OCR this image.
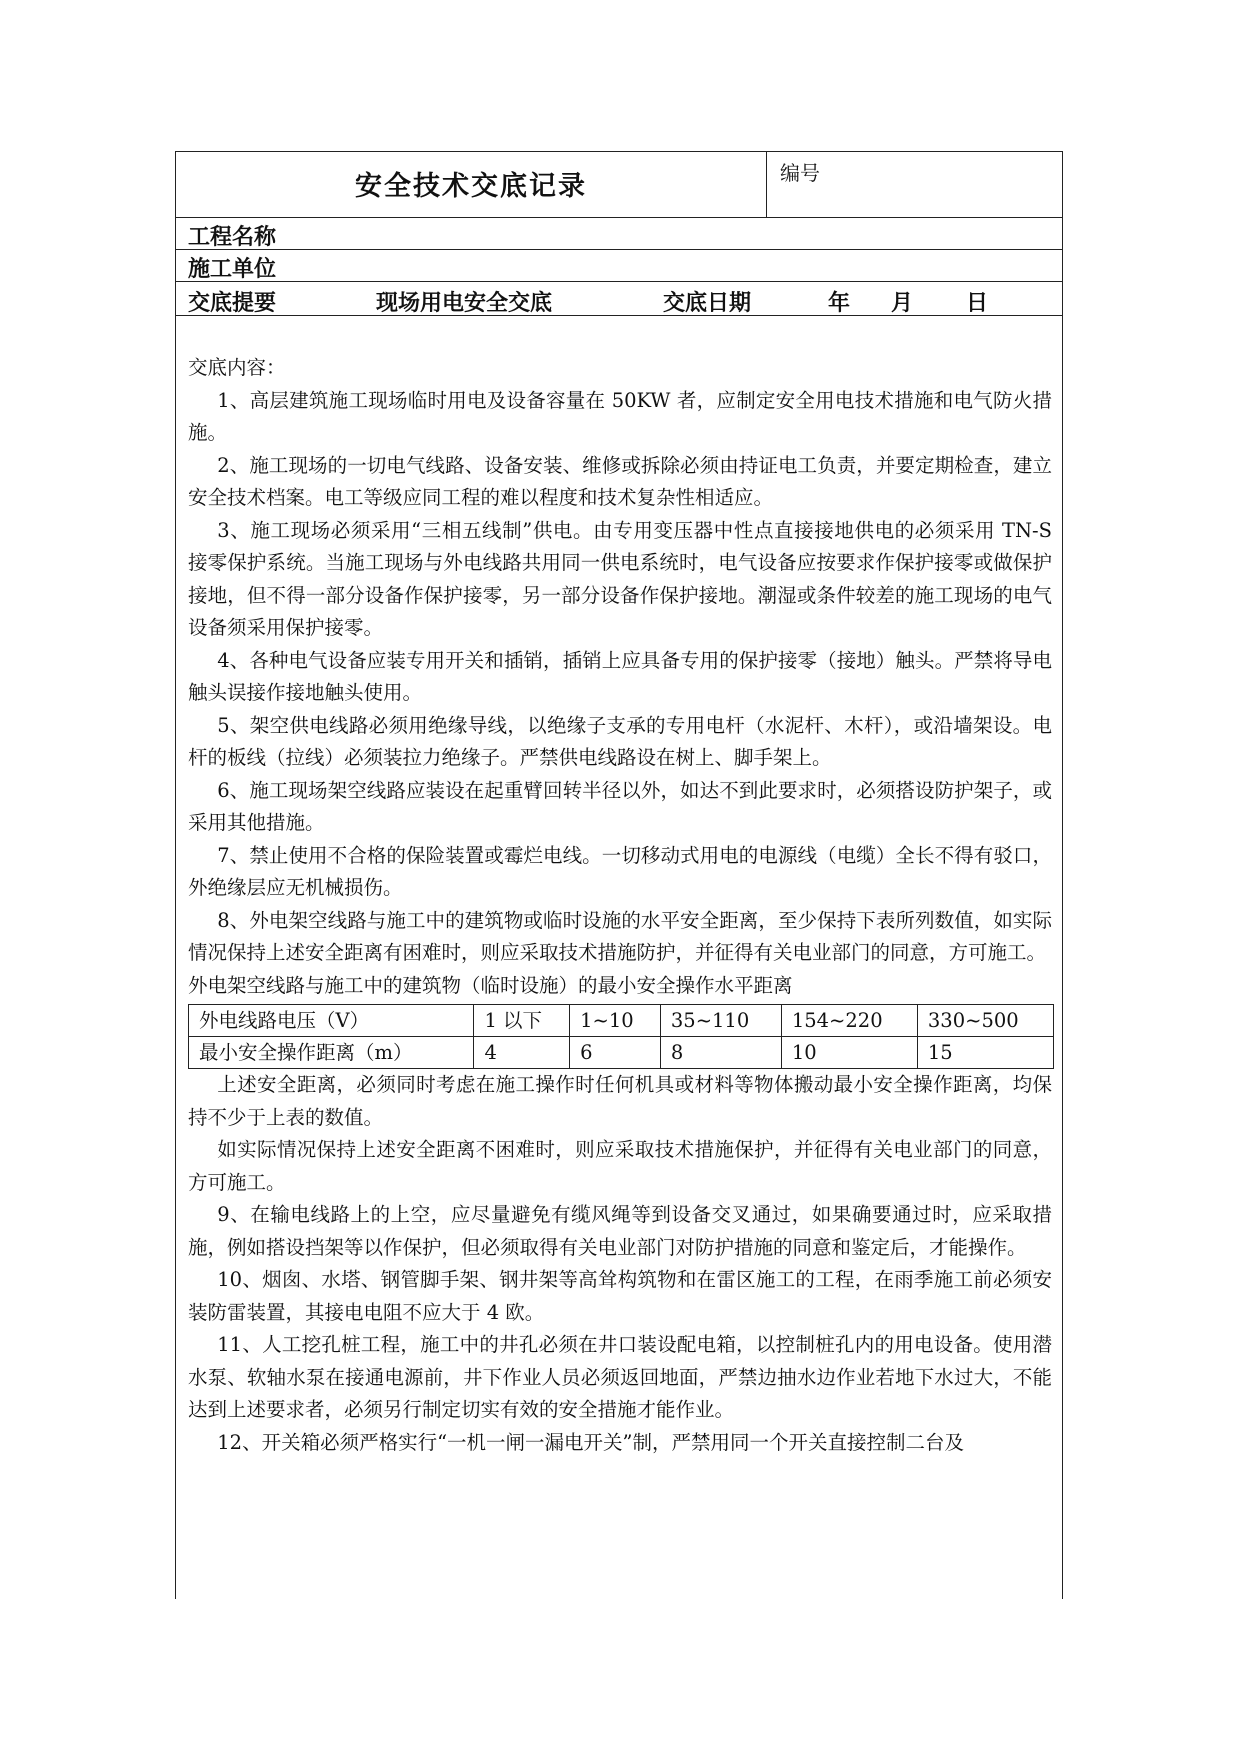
安全技术交底记录	编号
工程名称
施工单位
交底提要	现场用电安全交底	交底日期	年 月 日

交底内容：

1、高层建筑施工现场临时用电及设备容量在 50KW 者，应制定安全用电技术措施和电气防火措施。

2、施工现场的一切电气线路、设备安装、维修或拆除必须由持证电工负责，并要定期检查，建立安全技术档案。电工等级应同工程的难以程度和技术复杂性相适应。

3、施工现场必须采用“三相五线制”供电。由专用变压器中性点直接接地供电的必须采用 TN-S 接零保护系统。当施工现场与外电线路共用同一供电系统时，电气设备应按要求作保护接零或做保护接地，但不得一部分设备作保护接零，另一部分设备作保护接地。潮湿或条件较差的施工现场的电气设备须采用保护接零。

4、各种电气设备应装专用开关和插销，插销上应具备专用的保护接零（接地）触头。严禁将导电触头误接作接地触头使用。

5、架空供电线路必须用绝缘导线，以绝缘子支承的专用电杆（水泥杆、木杆），或沿墙架设。电杆的板线（拉线）必须装拉力绝缘子。严禁供电线路设在树上、脚手架上。

6、施工现场架空线路应装设在起重臂回转半径以外，如达不到此要求时，必须搭设防护架子，或采用其他措施。

7、禁止使用不合格的保险装置或霉烂电线。一切移动式用电的电源线（电缆）全长不得有驳口，外绝缘层应无机械损伤。

8、外电架空线路与施工中的建筑物或临时设施的水平安全距离，至少保持下表所列数值，如实际情况保持上述安全距离有困难时，则应采取技术措施防护，并征得有关电业部门的同意，方可施工。

外电架空线路与施工中的建筑物（临时设施）的最小安全操作水平距离

外电线路电压（V）	1 以下	1~10	35~110	154~220	330~500
最小安全操作距离（m）	4	6	8	10	15

上述安全距离，必须同时考虑在施工操作时任何机具或材料等物体搬动最小安全操作距离，均保持不少于上表的数值。

如实际情况保持上述安全距离不困难时，则应采取技术措施保护，并征得有关电业部门的同意，方可施工。

9、在输电线路上的上空，应尽量避免有缆风绳等到设备交叉通过，如果确要通过时，应采取措施，例如搭设挡架等以作保护，但必须取得有关电业部门对防护措施的同意和鉴定后，才能操作。

10、烟囱、水塔、钢管脚手架、钢井架等高耸构筑物和在雷区施工的工程，在雨季施工前必须安装防雷装置，其接电电阻不应大于 4 欧。

11、人工挖孔桩工程，施工中的井孔必须在井口装设配电箱，以控制桩孔内的用电设备。使用潜水泵、软轴水泵在接通电源前，井下作业人员必须返回地面，严禁边抽水边作业若地下水过大，不能达到上述要求者，必须另行制定切实有效的安全措施才能作业。

12、开关箱必须严格实行“一机一闸一漏电开关”制，严禁用同一个开关直接控制二台及
